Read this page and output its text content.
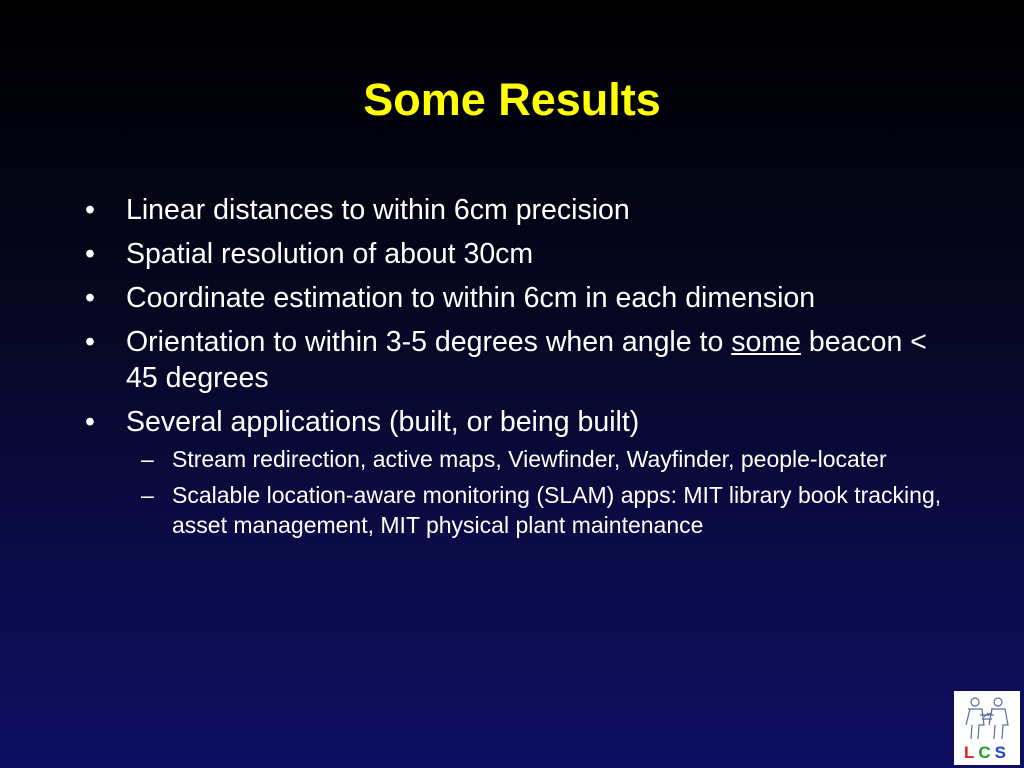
Some Results
• Linear distances to within 6cm precision
• Spatial resolution of about 30cm
• Coordinate estimation to within 6cm in each dimension
• Orientation to within 3-5 degrees when angle to some beacon < 45 degrees
• Several applications (built, or being built)
– Stream redirection, active maps, Viewfinder, Wayfinder, people-locater
– Scalable location-aware monitoring (SLAM) apps: MIT library book tracking, asset management, MIT physical plant maintenance
LCS
